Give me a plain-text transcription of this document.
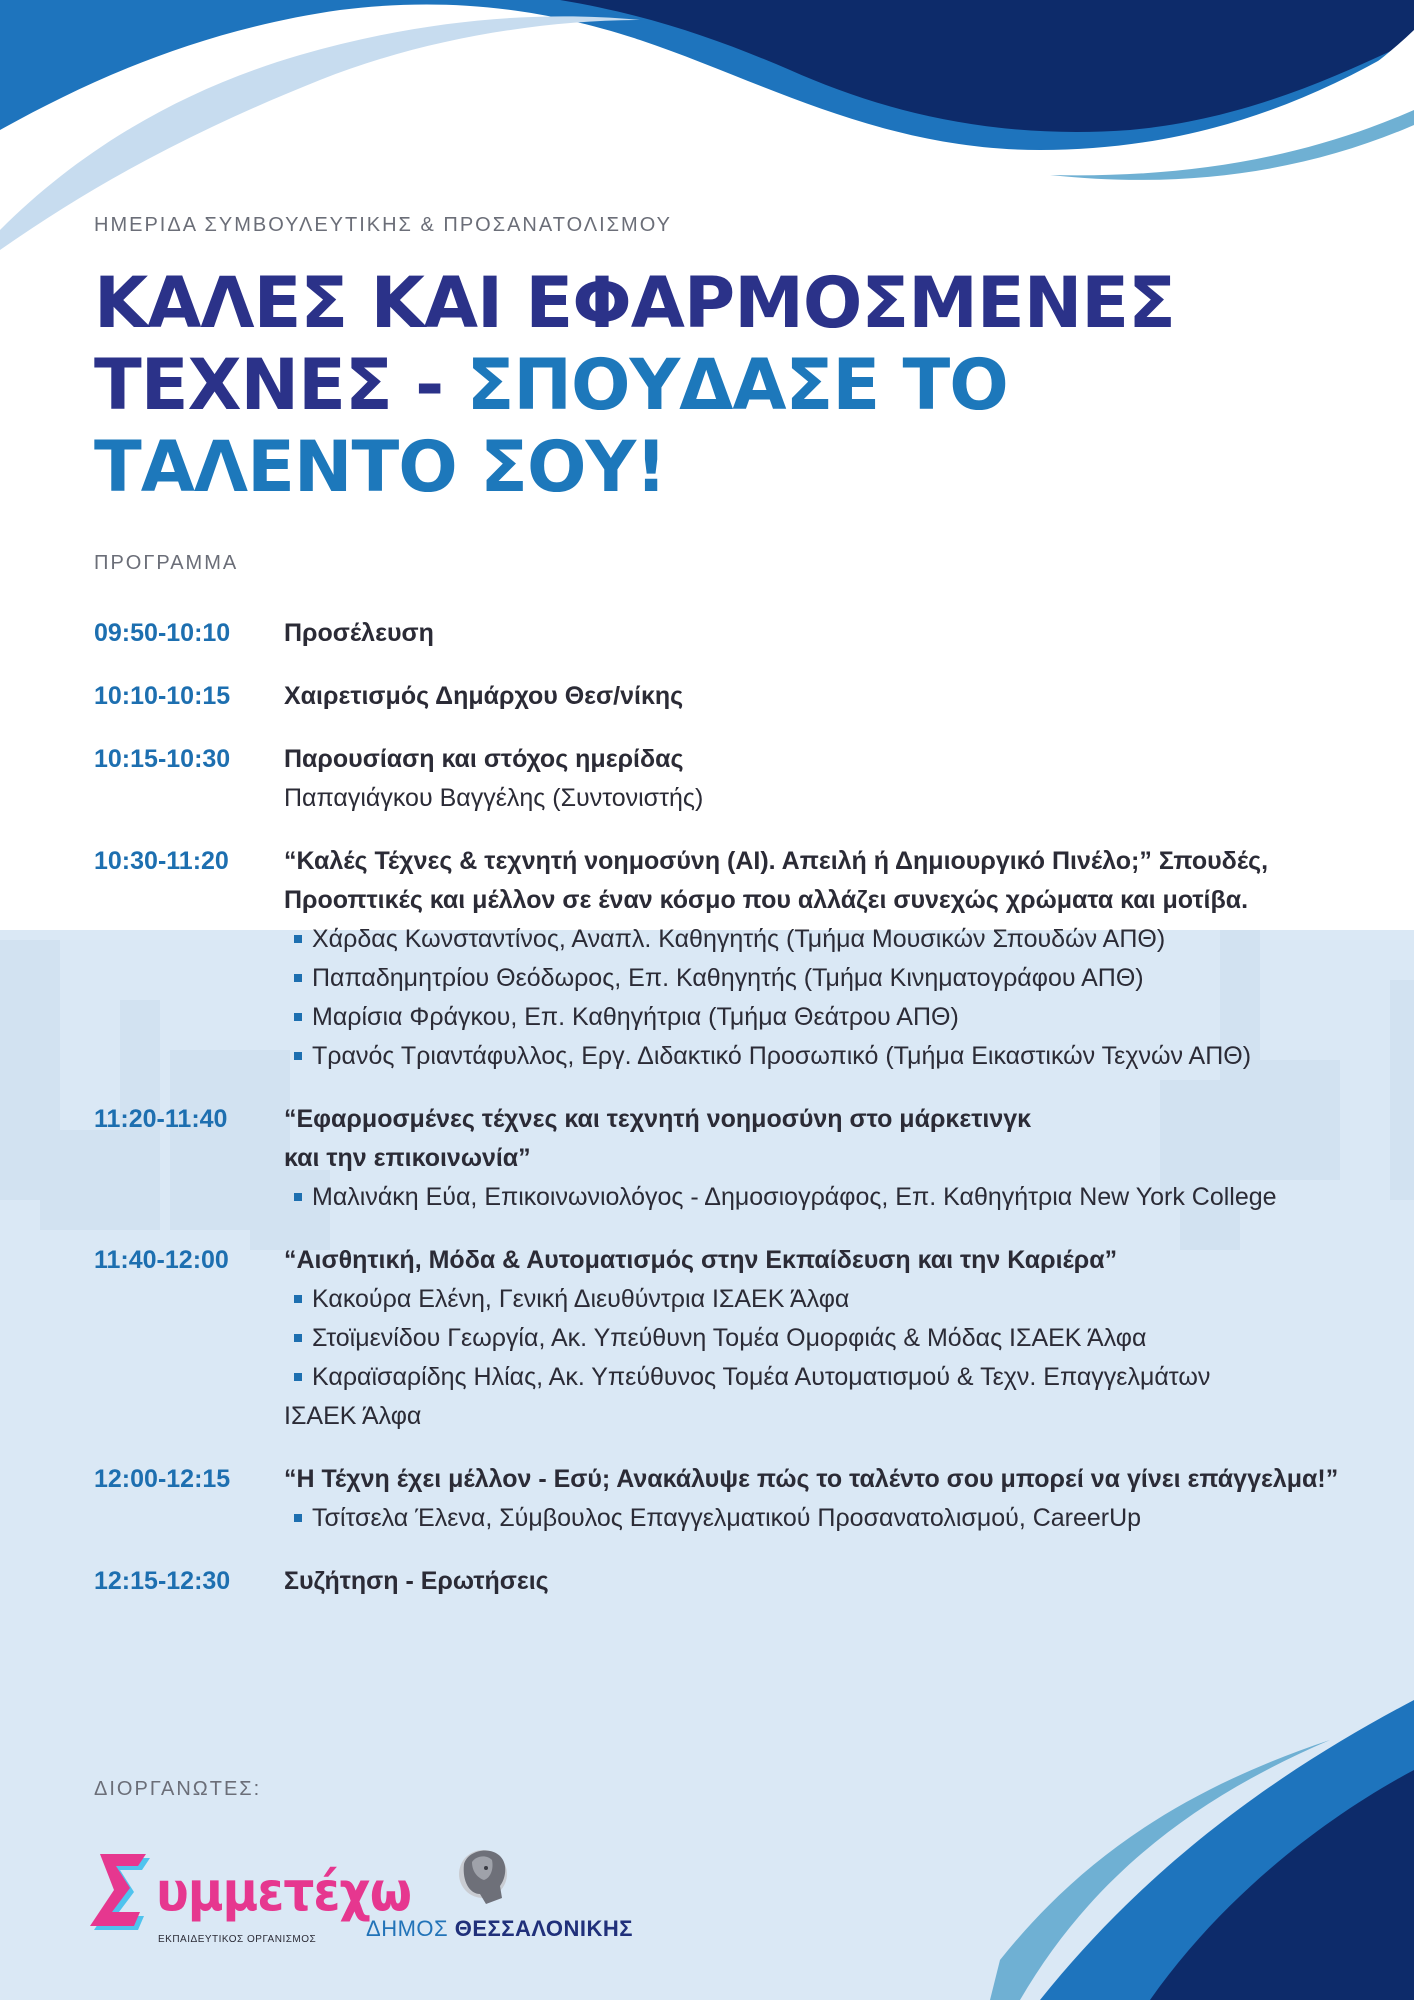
ΗΜΕΡΙΔΑ ΣΥΜΒΟΥΛΕΥΤΙΚΗΣ & ΠΡΟΣΑΝΑΤΟΛΙΣΜΟΥ
ΚΑΛΕΣ ΚΑΙ ΕΦΑΡΜΟΣΜΕΝΕΣ
ΤΕΧΝΕΣ - ΣΠΟΥΔΑΣΕ ΤΟ
ΤΑΛΕΝΤΟ ΣΟΥ!
ΠΡΟΓΡΑΜΜΑ
09:50-10:10	Προσέλευση
10:10-10:15	Χαιρετισμός Δημάρχου Θεσ/νίκης
10:15-10:30	Παρουσίαση και στόχος ημερίδας
Παπαγιάγκου Βαγγέλης (Συντονιστής)
10:30-11:20	“Καλές Τέχνες & τεχνητή νοημοσύνη (AI). Απειλή ή Δημιουργικό Πινέλο;” Σπουδές,
Προοπτικές και μέλλον σε έναν κόσμο που αλλάζει συνεχώς χρώματα και μοτίβα.
Χάρδας Κωνσταντίνος, Αναπλ. Καθηγητής (Τμήμα Μουσικών Σπουδών ΑΠΘ)
Παπαδημητρίου Θεόδωρος, Επ. Καθηγητής (Τμήμα Κινηματογράφου ΑΠΘ)
Μαρίσια Φράγκου, Επ. Καθηγήτρια (Τμήμα Θεάτρου ΑΠΘ)
Τρανός Τριαντάφυλλος, Εργ. Διδακτικό Προσωπικό (Τμήμα Εικαστικών Τεχνών ΑΠΘ)
11:20-11:40	“Εφαρμοσμένες τέχνες και τεχνητή νοημοσύνη στο μάρκετινγκ
και την επικοινωνία”
Μαλινάκη Εύα, Επικοινωνιολόγος - Δημοσιογράφος, Επ. Καθηγήτρια New York College
11:40-12:00	“Αισθητική, Μόδα & Αυτοματισμός στην Εκπαίδευση και την Καριέρα”
Κακούρα Ελένη, Γενική Διευθύντρια ΙΣΑΕΚ Άλφα
Στοϊμενίδου Γεωργία, Ακ. Υπεύθυνη Τομέα Ομορφιάς & Μόδας ΙΣΑΕΚ Άλφα
Καραϊσαρίδης Ηλίας, Ακ. Υπεύθυνος Τομέα Αυτοματισμού & Τεχν. Επαγγελμάτων
ΙΣΑΕΚ Άλφα
12:00-12:15	“Η Τέχνη έχει μέλλον - Εσύ; Ανακάλυψε πώς το ταλέντο σου μπορεί να γίνει επάγγελμα!”
Τσίτσελα Έλενα, Σύμβουλος Επαγγελματικού Προσανατολισμού, CareerUp
12:15-12:30	Συζήτηση - Ερωτήσεις
ΔΙΟΡΓΑΝΩΤΕΣ:
υμμετέχω
ΕΚΠΑΙΔΕΥΤΙΚΟΣ ΟΡΓΑΝΙΣΜΟΣ ΔΗΜΟΣ ΘΕΣΣΑΛΟΝΙΚΗΣ
